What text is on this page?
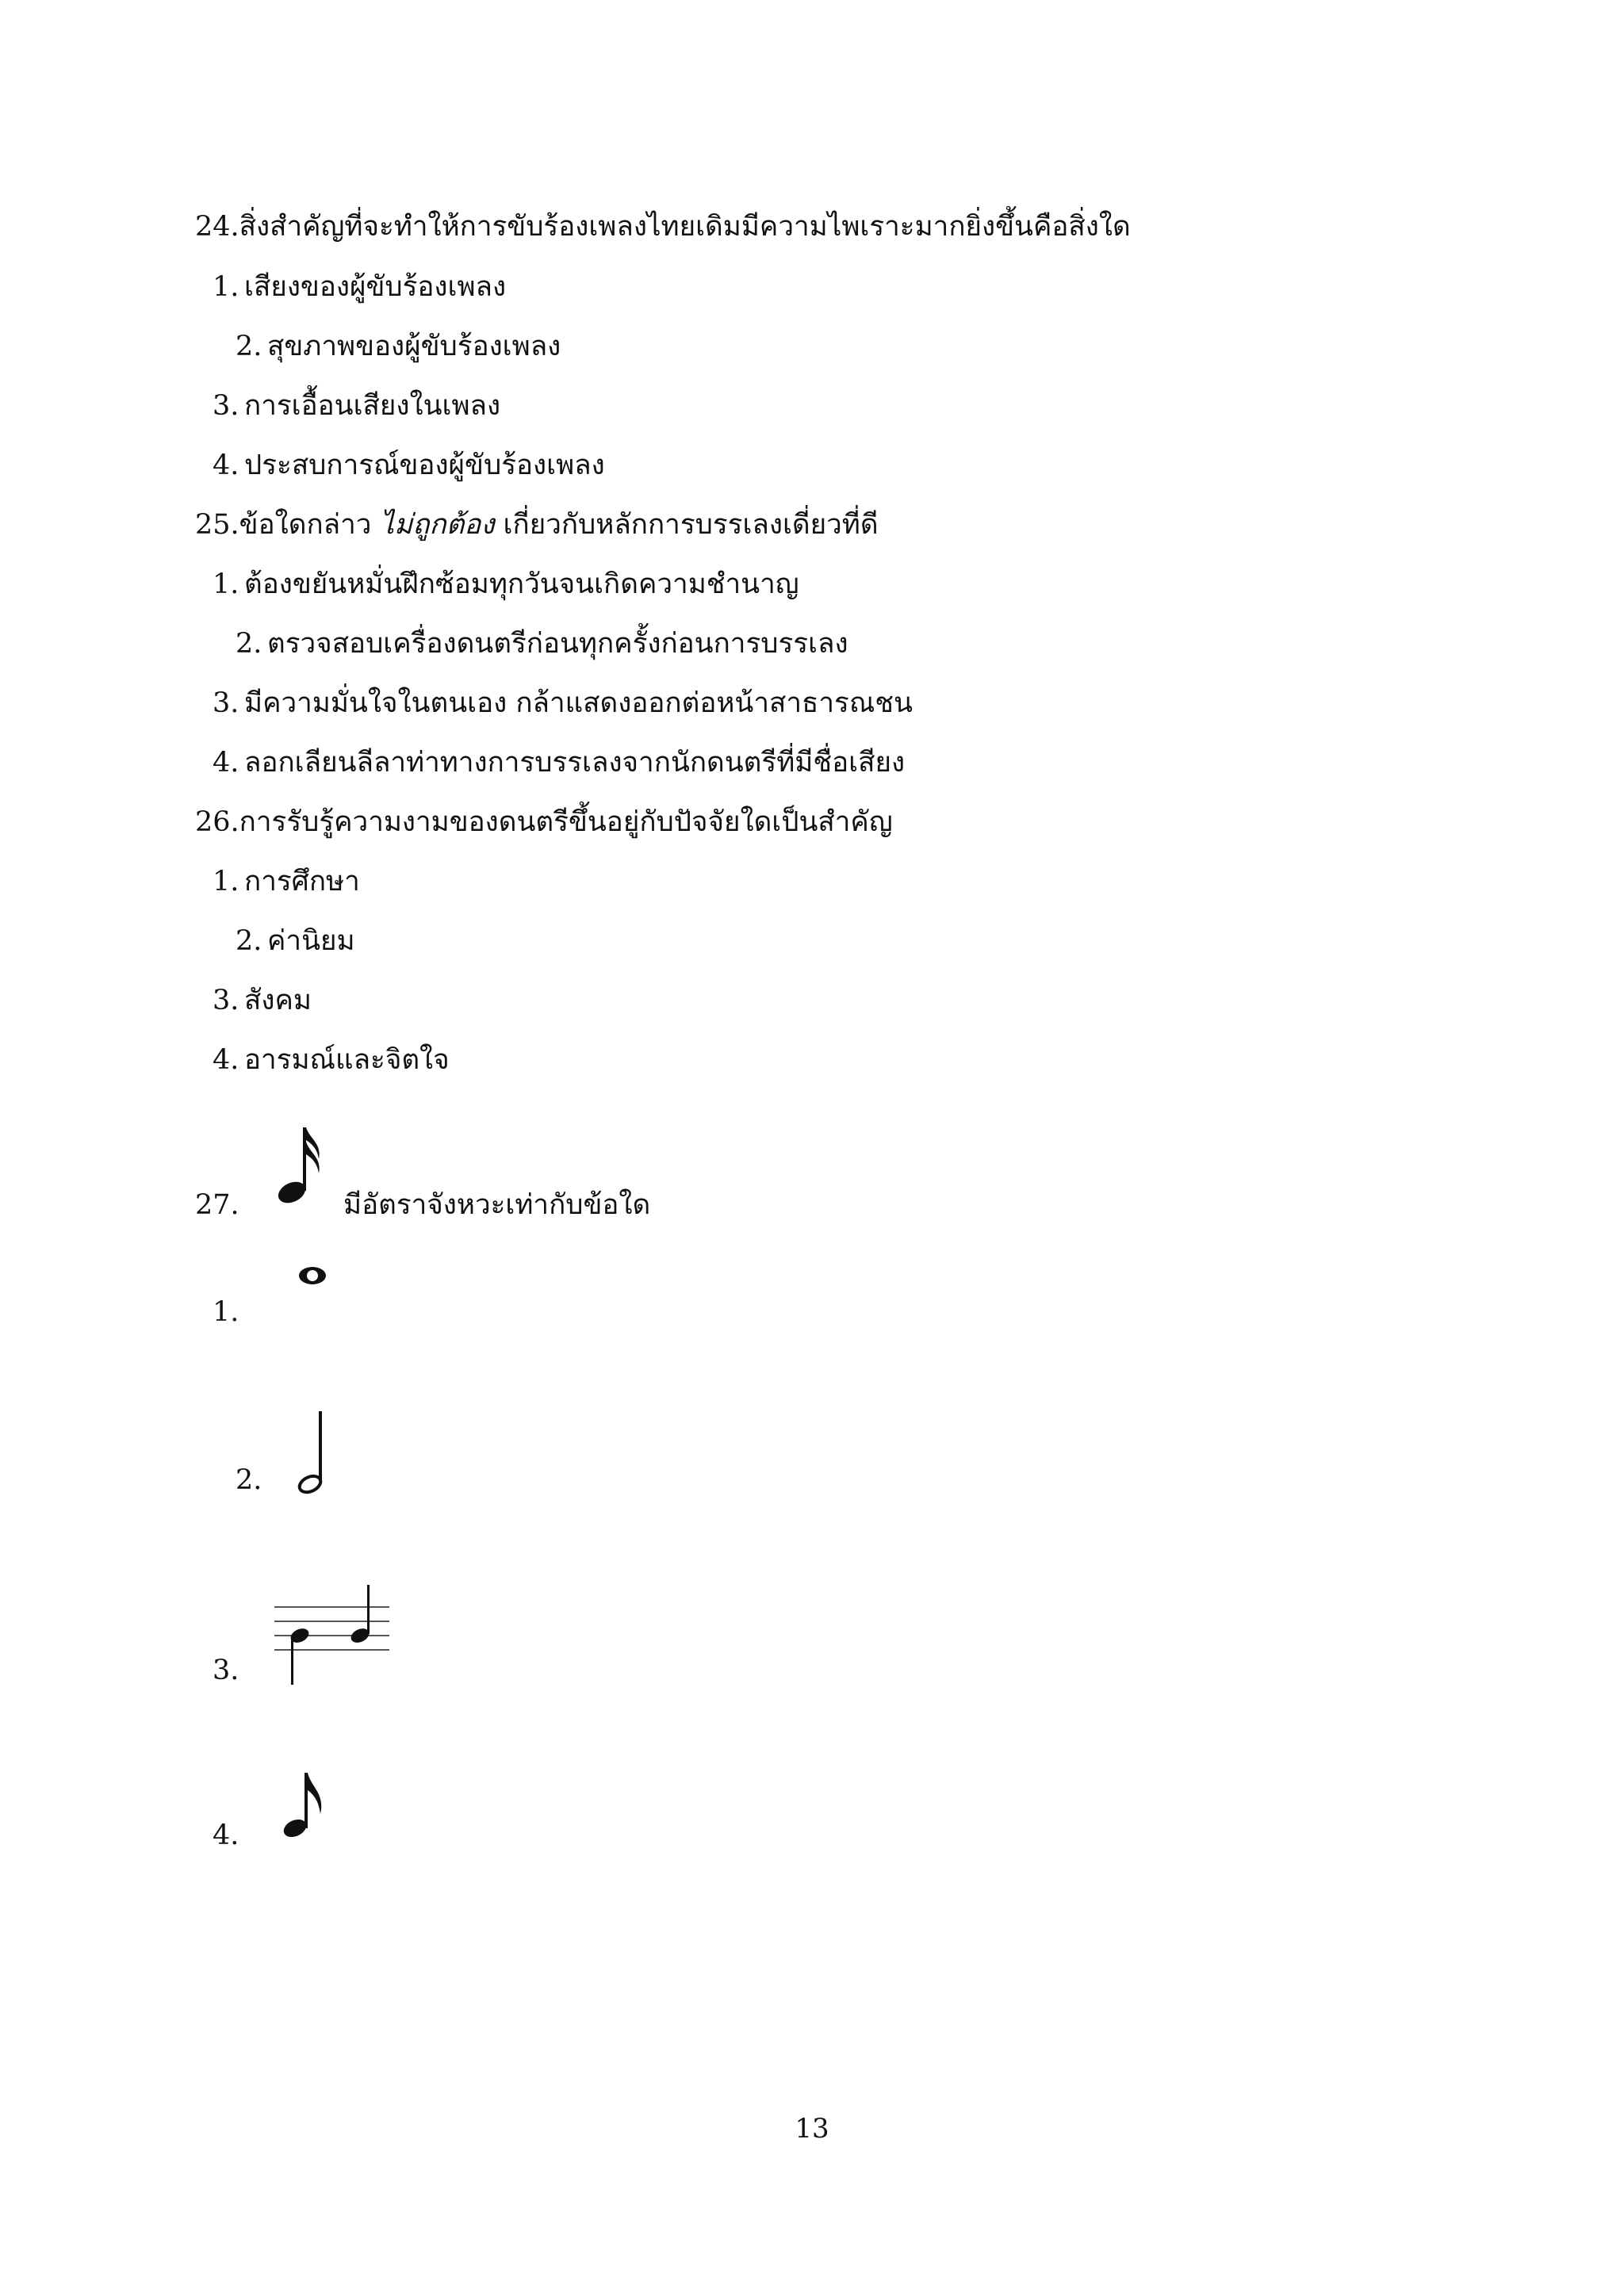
24.สิ่งสำคัญที่จะทำให้การขับร้องเพลงไทยเดิมมีความไพเราะมากยิ่งขึ้นคือสิ่งใด
1. เสียงของผู้ขับร้องเพลง
2. สุขภาพของผู้ขับร้องเพลง
3. การเอื้อนเสียงในเพลง
4. ประสบการณ์ของผู้ขับร้องเพลง
25.ข้อใดกล่าว ไม่ถูกต้อง เกี่ยวกับหลักการบรรเลงเดี่ยวที่ดี
1. ต้องขยันหมั่นฝึกซ้อมทุกวันจนเกิดความชำนาญ
2. ตรวจสอบเครื่องดนตรีก่อนทุกครั้งก่อนการบรรเลง
3. มีความมั่นใจในตนเอง กล้าแสดงออกต่อหน้าสาธารณชน
4. ลอกเลียนลีลาท่าทางการบรรเลงจากนักดนตรีที่มีชื่อเสียง
26.การรับรู้ความงามของดนตรีขึ้นอยู่กับปัจจัยใดเป็นสำคัญ
1. การศึกษา
2. ค่านิยม
3. สังคม
4. อารมณ์และจิตใจ
27.	มีอัตราจังหวะเท่ากับข้อใด
1.
2.
3.
4.
13
